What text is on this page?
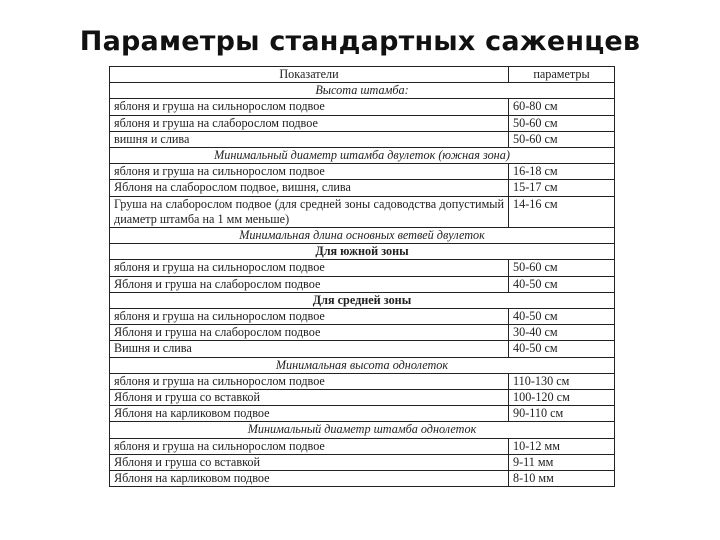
Параметры стандартных саженцев
Показатели	параметры
Высота штамба:	
яблоня и груша на сильнорослом подвое	60-80 см
яблоня и груша на слаборослом подвое	50-60 см
вишня и слива	50-60 см
Минимальный диаметр штамба двулеток (южная зона)	
яблоня и груша на сильнорослом подвое	16-18 см
Яблоня на слаборослом подвое, вишня, слива	15-17 см
Груша на слаборослом подвое (для средней зоны садоводства допустимый диаметр штамба на 1 мм меньше)	14-16 см
Минимальная длина основных ветвей двулеток	
Для южной зоны	
яблоня и груша на сильнорослом подвое	50-60 см
Яблоня и груша на слаборослом подвое	40-50 см
Для средней зоны	
яблоня и груша на сильнорослом подвое	40-50 см
Яблоня и груша на слаборослом подвое	30-40 см
Вишня и слива	40-50 см
Минимальная высота однолеток	
яблоня и груша на сильнорослом подвое	110-130 см
Яблоня и груша со вставкой	100-120 см
Яблоня на карликовом подвое	90-110 см
Минимальный диаметр штамба однолеток	
яблоня и груша на сильнорослом подвое	10-12 мм
Яблоня и груша со вставкой	9-11 мм
Яблоня на карликовом подвое	8-10 мм
